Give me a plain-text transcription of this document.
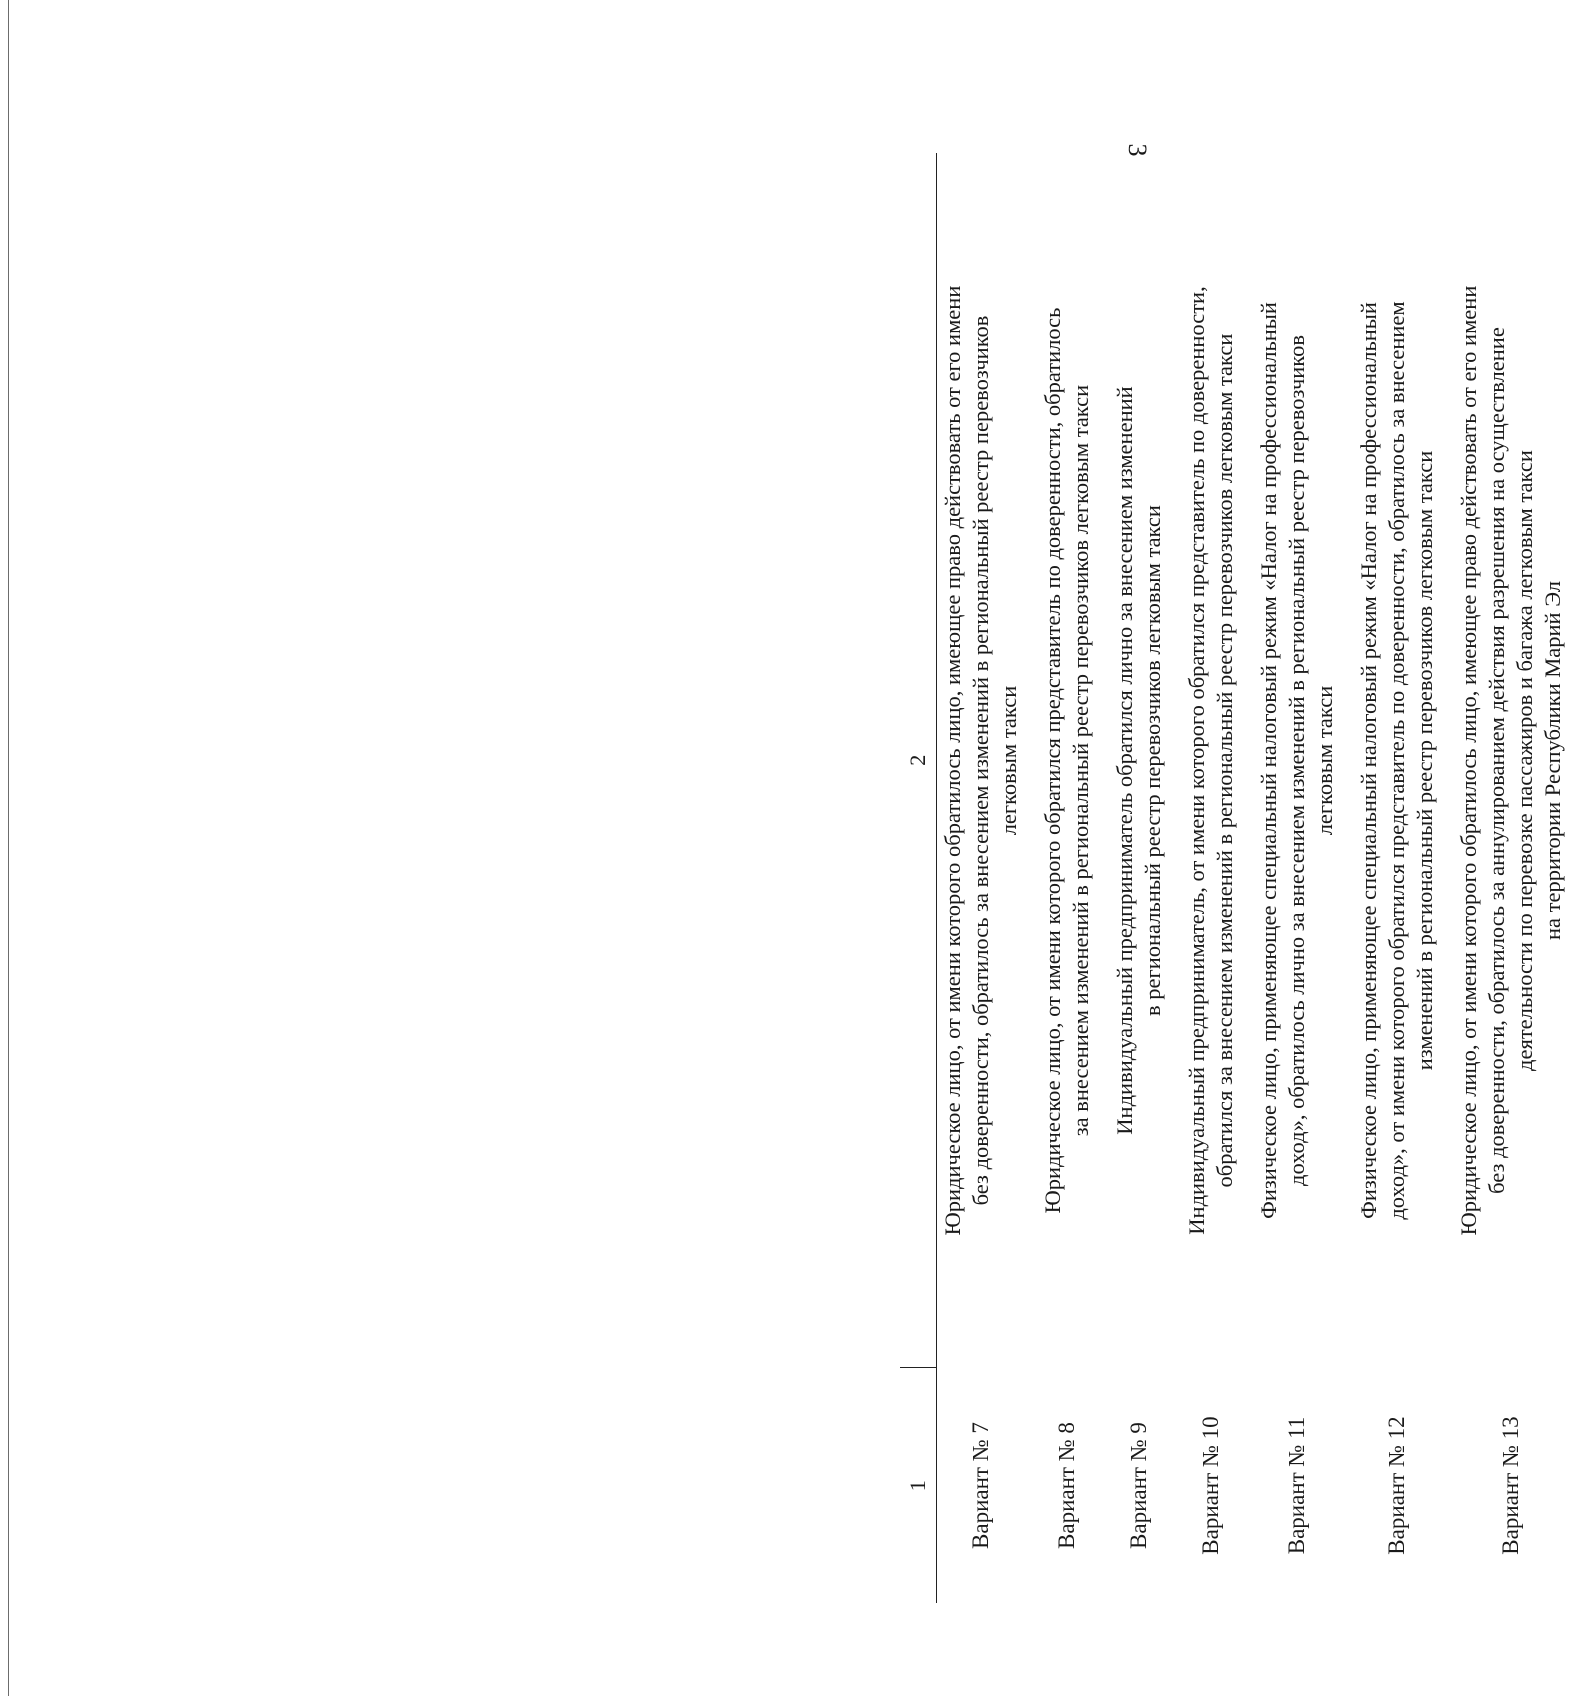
3
1	2
Вариант № 7	Юридическое лицо, от имени которого обратилось лицо, имеющее право действовать от его имени без доверенности, обратилось за внесением изменений в региональный реестр перевозчиков легковым такси

Вариант № 8	Юридическое лицо, от имени которого обратился представитель по доверенности, обратилось за внесением изменений в региональный реестр перевозчиков легковым такси

Вариант № 9	Индивидуальный предприниматель обратился лично за внесением изменений в региональный реестр перевозчиков легковым такси

Вариант № 10	Индивидуальный предприниматель, от имени которого обратился представитель по доверенности, обратился за внесением изменений в региональный реестр перевозчиков легковым такси

Вариант № 11	Физическое лицо, применяющее специальный налоговый режим «Налог на профессиональный доход», обратилось лично за внесением изменений в региональный реестр перевозчиков легковым такси

Вариант № 12	Физическое лицо, применяющее специальный налоговый режим «Налог на профессиональный доход», от имени которого обратился представитель по доверенности, обратилось за внесением изменений в региональный реестр перевозчиков легковым такси

Вариант № 13	Юридическое лицо, от имени которого обратилось лицо, имеющее право действовать от его имени без доверенности, обратилось за аннулированием действия разрешения на осуществление деятельности по перевозке пассажиров и багажа легковым такси на территории Республики Марий Эл
